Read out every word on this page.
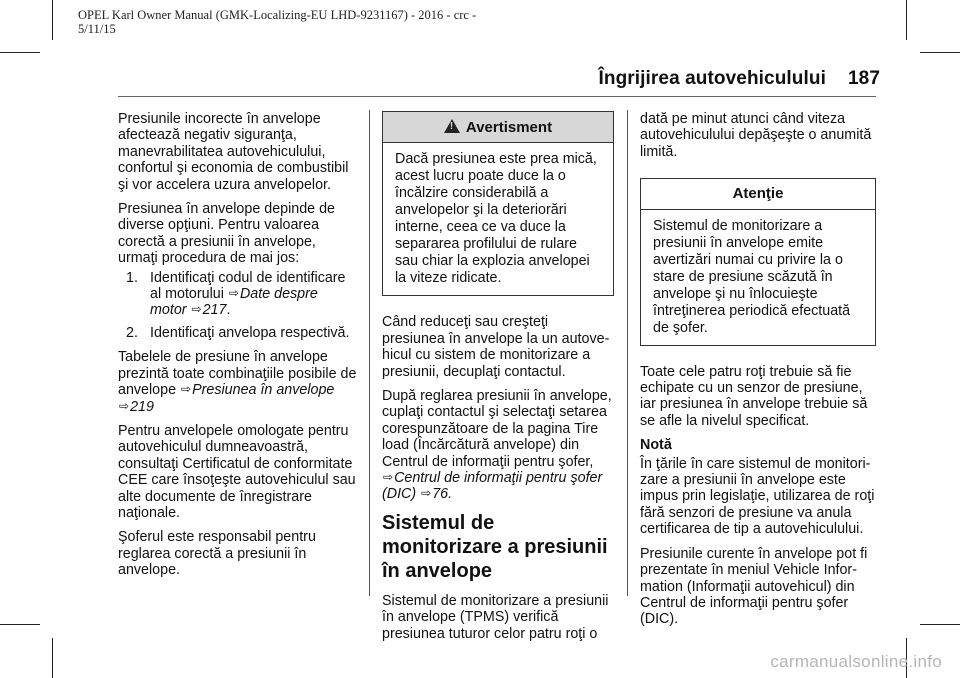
OPEL Karl Owner Manual (GMK-Localizing-EU LHD-9231167) - 2016 - crc -
5/11/15
Îngrijirea autovehiculului 187

Presiunile incorecte în anvelope afectează negativ siguranţa, manevrabilitatea autovehiculului, confortul şi economia de combustibil şi vor accelera uzura anvelopelor.

Presiunea în anvelope depinde de diverse opţiuni. Pentru valoarea corectă a presiunii în anvelope, urmaţi procedura de mai jos:

1. Identificaţi codul de identificare al motorului ⇨Date despre motor ⇨217.
2. Identificaţi anvelopa respectivă.

Tabelele de presiune în anvelope prezintă toate combinaţiile posibile de anvelope ⇨Presiunea în anvelope ⇨219

Pentru anvelopele omologate pentru autovehiculul dumneavoastră, consultaţi Certificatul de conformitate CEE care însoţeşte autovehiculul sau alte documente de înregistrare naţionale.

Şoferul este responsabil pentru reglarea corectă a presiunii în anvelope.

!Avertisment
Dacă presiunea este prea mică, acest lucru poate duce la o încălzire considerabilă a anvelopelor şi la deteriorări interne, ceea ce va duce la separarea profilului de rulare sau chiar la explozia anvelopei la viteze ridicate.

Când reduceţi sau creşteţi presiunea în anvelope la un autovehicul cu sistem de monitorizare a presiunii, decuplaţi contactul.

După reglarea presiunii în anvelope, cuplaţi contactul şi selectaţi setarea corespunzătoare de la pagina Tire load (Încărcătură anvelope) din Centrul de informaţii pentru şofer, ⇨Centrul de informaţii pentru şofer (DIC) ⇨76.

Sistemul de monitorizare a presiunii în anvelope

Sistemul de monitorizare a presiunii în anvelope (TPMS) verifică presiunea tuturor celor patru roţi o

dată pe minut atunci când viteza autovehiculului depăşeşte o anumită limită.

Atenţie
Sistemul de monitorizare a presiunii în anvelope emite avertizări numai cu privire la o stare de presiune scăzută în anvelope şi nu înlocuieşte întreţinerea periodică efectuată de şofer.

Toate cele patru roţi trebuie să fie echipate cu un senzor de presiune, iar presiunea în anvelope trebuie să se afle la nivelul specificat.

Notă

În ţările în care sistemul de monitorizare a presiunii în anvelope este impus prin legislaţie, utilizarea de roţi fără senzori de presiune va anula certificarea de tip a autovehiculului.

Presiunile curente în anvelope pot fi prezentate în meniul Vehicle Information (Informaţii autovehicul) din Centrul de informaţii pentru şofer (DIC).

carmanualsonline.info
